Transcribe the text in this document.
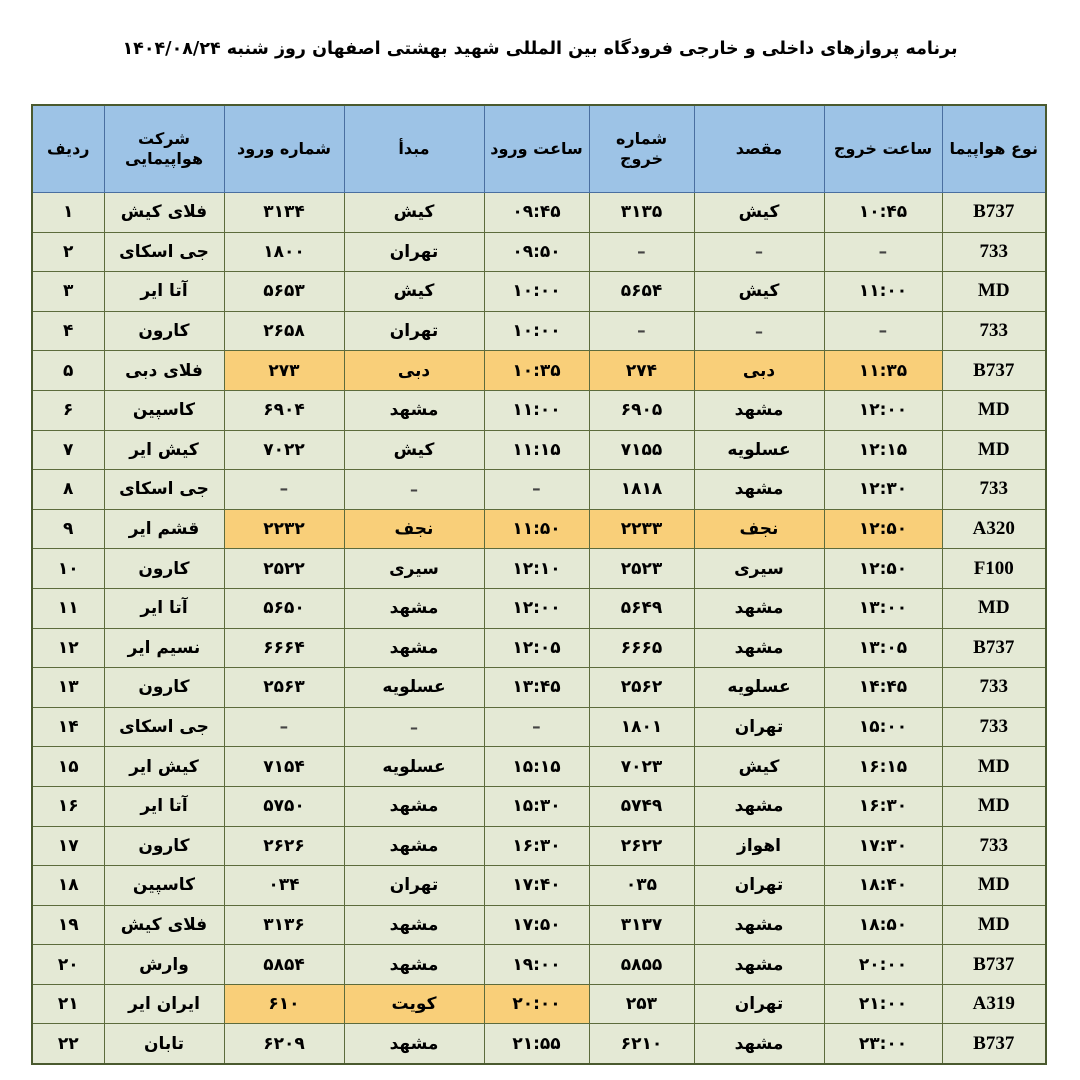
برنامه پروازهای داخلی و خارجی فرودگاه بین المللی شهید بهشتی اصفهان روز شنبه ۱۴۰۴/۰۸/۲۴
نوع هواپیما	ساعت خروج	مقصد	شماره خروج	ساعت ورود	مبدأ	شماره ورود	شرکت هواپیمایی	ردیف

B737	۱۰:۴۵	کیش	۳۱۳۵	۰۹:۴۵	کیش	۳۱۳۴	فلای کیش	۱
733	–	–	–	۰۹:۵۰	تهران	۱۸۰۰	جی اسکای	۲
MD	۱۱:۰۰	کیش	۵۶۵۴	۱۰:۰۰	کیش	۵۶۵۳	آتا ایر	۳
733	–	–	–	۱۰:۰۰	تهران	۲۶۵۸	کارون	۴
B737	۱۱:۳۵	دبی	۲۷۴	۱۰:۳۵	دبی	۲۷۳	فلای دبی	۵
MD	۱۲:۰۰	مشهد	۶۹۰۵	۱۱:۰۰	مشهد	۶۹۰۴	کاسپین	۶
MD	۱۲:۱۵	عسلویه	۷۱۵۵	۱۱:۱۵	کیش	۷۰۲۲	کیش ایر	۷
733	۱۲:۳۰	مشهد	۱۸۱۸	–	–	–	جی اسکای	۸
A320	۱۲:۵۰	نجف	۲۲۳۳	۱۱:۵۰	نجف	۲۲۳۲	قشم ایر	۹
F100	۱۲:۵۰	سیری	۲۵۲۳	۱۲:۱۰	سیری	۲۵۲۲	کارون	۱۰
MD	۱۳:۰۰	مشهد	۵۶۴۹	۱۲:۰۰	مشهد	۵۶۵۰	آتا ایر	۱۱
B737	۱۳:۰۵	مشهد	۶۶۶۵	۱۲:۰۵	مشهد	۶۶۶۴	نسیم ایر	۱۲
733	۱۴:۴۵	عسلویه	۲۵۶۲	۱۳:۴۵	عسلویه	۲۵۶۳	کارون	۱۳
733	۱۵:۰۰	تهران	۱۸۰۱	–	–	–	جی اسکای	۱۴
MD	۱۶:۱۵	کیش	۷۰۲۳	۱۵:۱۵	عسلویه	۷۱۵۴	کیش ایر	۱۵
MD	۱۶:۳۰	مشهد	۵۷۴۹	۱۵:۳۰	مشهد	۵۷۵۰	آتا ایر	۱۶
733	۱۷:۳۰	اهواز	۲۶۲۲	۱۶:۳۰	مشهد	۲۶۲۶	کارون	۱۷
MD	۱۸:۴۰	تهران	۰۳۵	۱۷:۴۰	تهران	۰۳۴	کاسپین	۱۸
MD	۱۸:۵۰	مشهد	۳۱۳۷	۱۷:۵۰	مشهد	۳۱۳۶	فلای کیش	۱۹
B737	۲۰:۰۰	مشهد	۵۸۵۵	۱۹:۰۰	مشهد	۵۸۵۴	وارش	۲۰
A319	۲۱:۰۰	تهران	۲۵۳	۲۰:۰۰	کویت	۶۱۰	ایران ایر	۲۱
B737	۲۳:۰۰	مشهد	۶۲۱۰	۲۱:۵۵	مشهد	۶۲۰۹	تابان	۲۲
